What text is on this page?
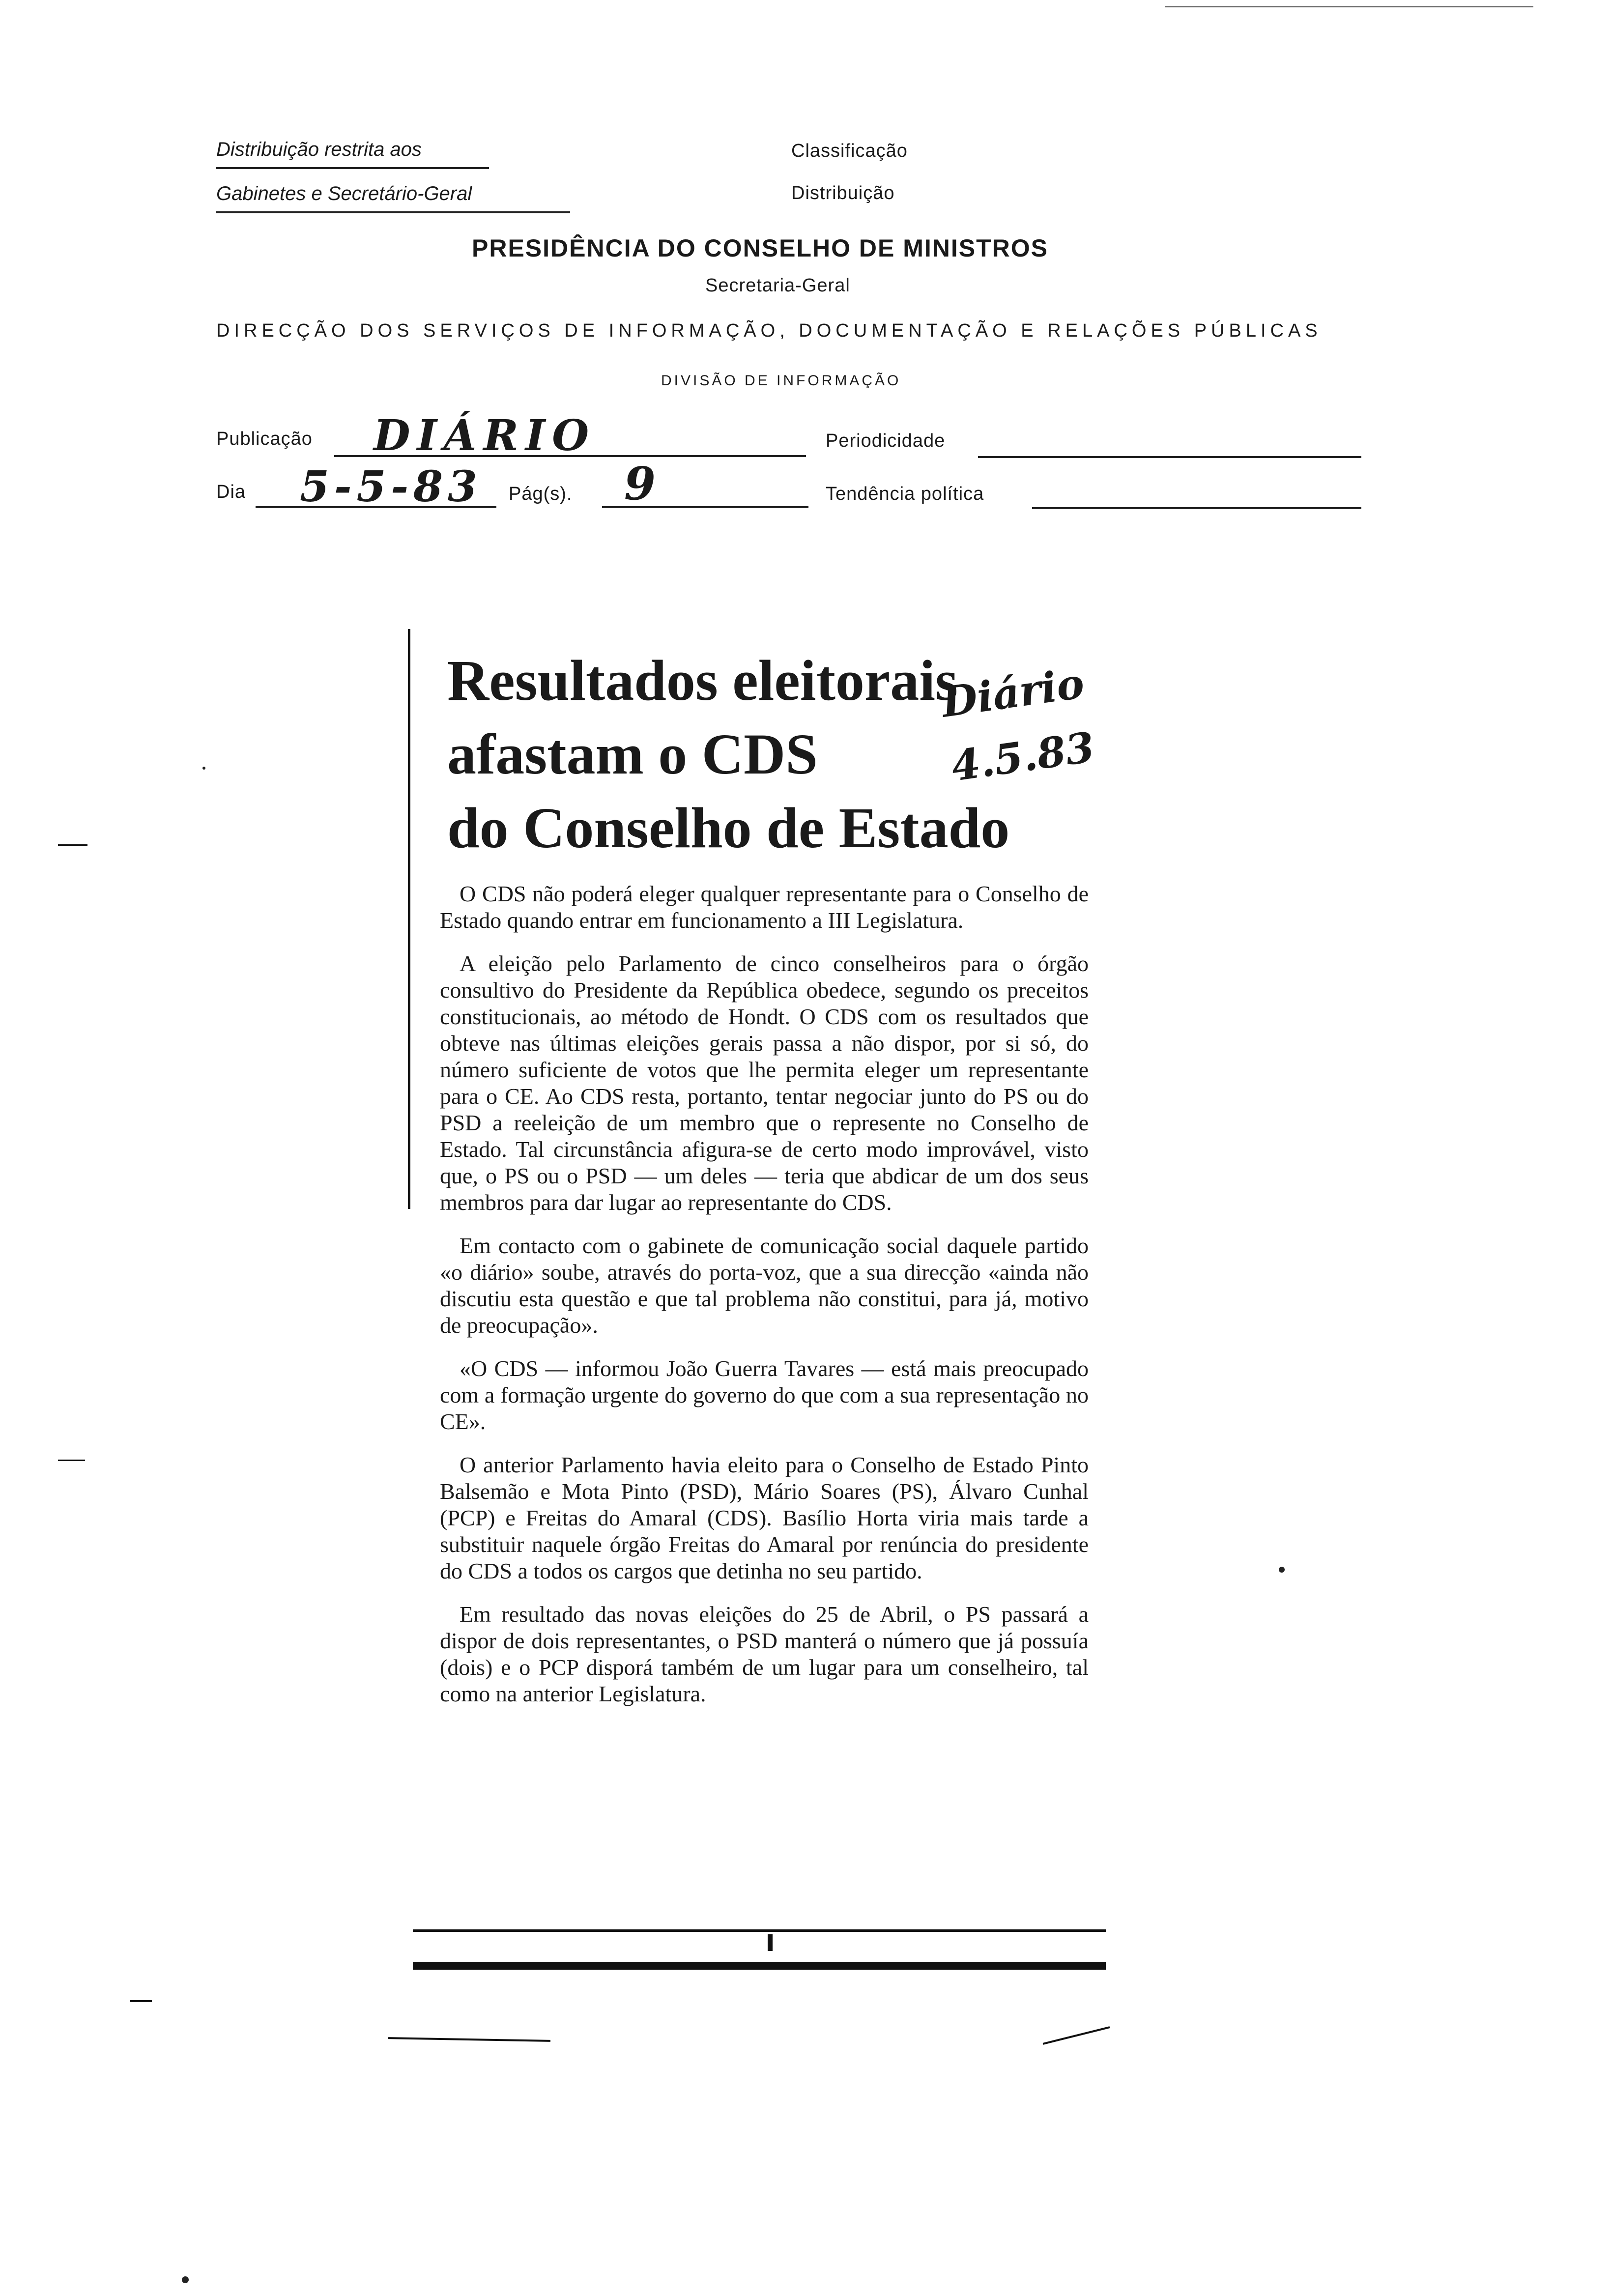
Distribuição restrita aos
Gabinetes e Secretário-Geral
Classificação
Distribuição
PRESIDÊNCIA DO CONSELHO DE MINISTROS
Secretaria-Geral
DIRECÇÃO DOS SERVIÇOS DE INFORMAÇÃO, DOCUMENTAÇÃO E RELAÇÕES PÚBLICAS
DIVISÃO DE INFORMAÇÃO
Publicação DIÁRIO	Periodicidade
Dia 5-5-83 Pág(s). 9	Tendência política
Resultados eleitorais
afastam o CDS
do Conselho de Estado
Diário
4.5.83

O CDS não poderá eleger qualquer representante para o Conselho de Estado quando entrar em funcionamento a III Legislatura.

A eleição pelo Parlamento de cinco conselheiros para o órgão consultivo do Presidente da República obedece, segundo os preceitos constitucionais, ao método de Hondt. O CDS com os resultados que obteve nas últimas eleições gerais passa a não dispor, por si só, do número suficiente de votos que lhe permita eleger um representante para o CE. Ao CDS resta, portanto, tentar negociar junto do PS ou do PSD a reeleição de um membro que o represente no Conselho de Estado. Tal circunstância afigura-se de certo modo improvável, visto que, o PS ou o PSD — um deles — teria que abdicar de um dos seus membros para dar lugar ao representante do CDS.

Em contacto com o gabinete de comunicação social daquele partido «o diário» soube, através do porta-voz, que a sua direcção «ainda não discutiu esta questão e que tal problema não constitui, para já, motivo de preocupação».

«O CDS — informou João Guerra Tavares — está mais preocupado com a formação urgente do governo do que com a sua representação no CE».

O anterior Parlamento havia eleito para o Conselho de Estado Pinto Balsemão e Mota Pinto (PSD), Mário Soares (PS), Álvaro Cunhal (PCP) e Freitas do Amaral (CDS). Basílio Horta viria mais tarde a substituir naquele órgão Freitas do Amaral por renúncia do presidente do CDS a todos os cargos que detinha no seu partido.

Em resultado das novas eleições do 25 de Abril, o PS passará a dispor de dois representantes, o PSD manterá o número que já possuía (dois) e o PCP disporá também de um lugar para um conselheiro, tal como na anterior Legislatura.
